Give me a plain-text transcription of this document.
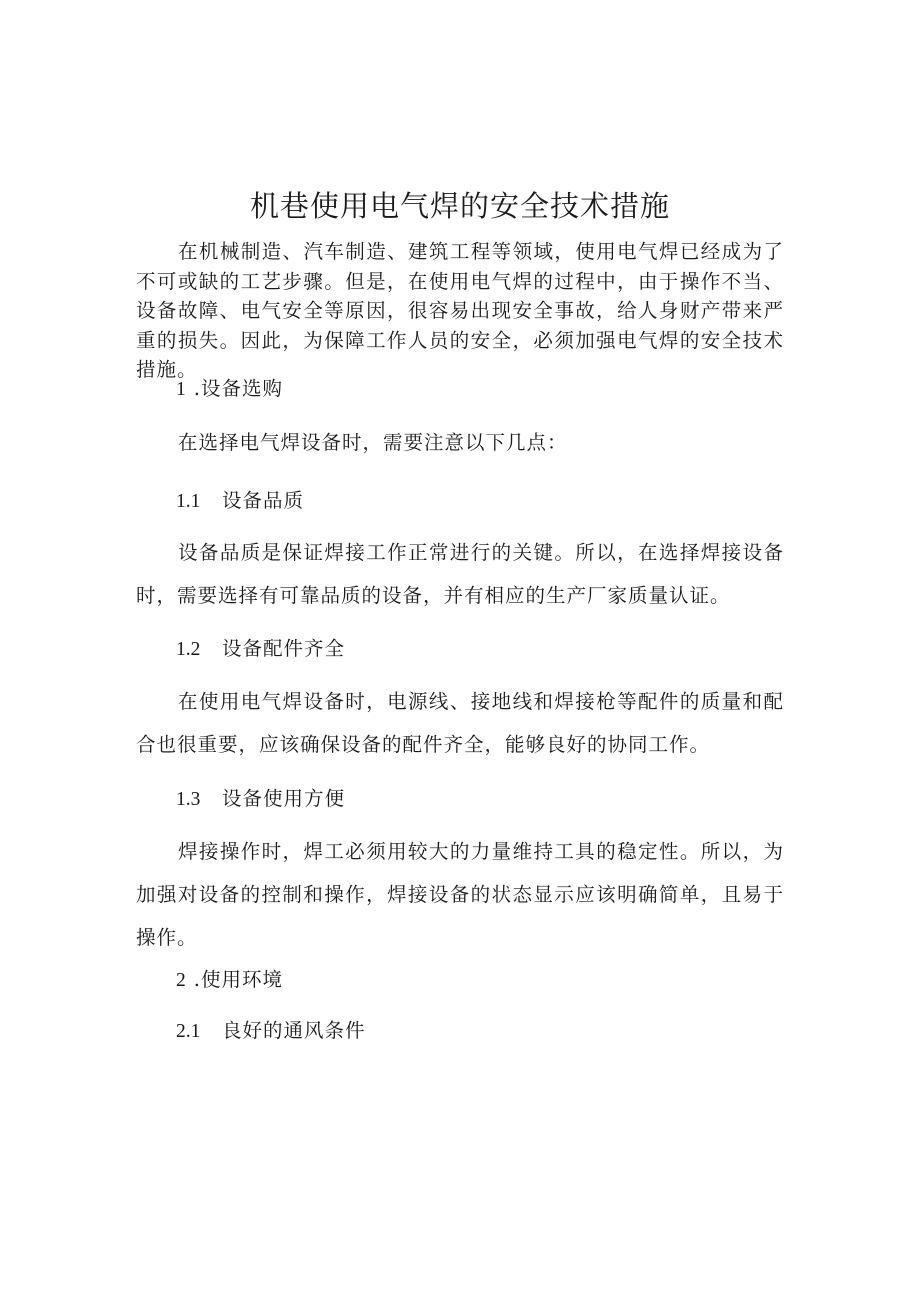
机巷使用电气焊的安全技术措施

在机械制造、汽车制造、建筑工程等领域，使用电气焊已经成为了不可或缺的工艺步骤。但是，在使用电气焊的过程中，由于操作不当、设备故障、电气安全等原因，很容易出现安全事故，给人身财产带来严重的损失。因此，为保障工作人员的安全，必须加强电气焊的安全技术措施。

1 .设备选购

在选择电气焊设备时，需要注意以下几点：

1.1 设备品质

设备品质是保证焊接工作正常进行的关键。所以，在选择焊接设备时，需要选择有可靠品质的设备，并有相应的生产厂家质量认证。

1.2 设备配件齐全

在使用电气焊设备时，电源线、接地线和焊接枪等配件的质量和配合也很重要，应该确保设备的配件齐全，能够良好的协同工作。

1.3 设备使用方便

焊接操作时，焊工必须用较大的力量维持工具的稳定性。所以，为加强对设备的控制和操作，焊接设备的状态显示应该明确简单，且易于操作。

2 .使用环境
2.1 良好的通风条件
